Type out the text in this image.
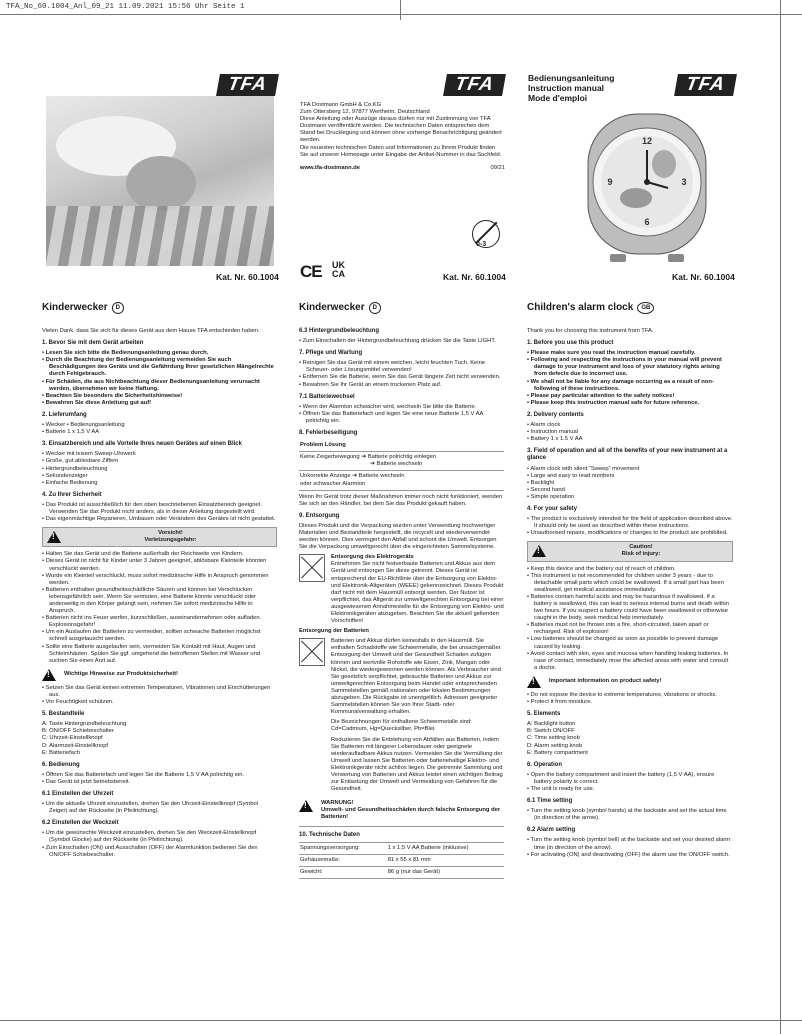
TFA_No_60.1004_Anl_09_21 11.09.2021 15:56 Uhr Seite 1
TFA
Kat. Nr. 60.1004
TFA
TFA Dostmann GmbH & Co.KG
Zum Ottersberg 12, 97877 Wertheim, Deutschland
Diese Anleitung oder Auszüge daraus dürfen nur mit Zustimmung von TFA Dostmann veröffentlicht werden. Die technischen Daten entsprechen dem Stand bei Drucklegung und können ohne vorherige Benachrichtigung geändert werden.
Die neuesten technischen Daten und Informationen zu Ihrem Produkt finden Sie auf unserer Homepage unter Eingabe der Artikel-Nummer in das Suchfeld.
www.tfa-dostmann.de	09/21
0-3
CE UK
CA	Kat. Nr. 60.1004
Bedienungsanleitung
Instruction manual
Mode d'emploi
TFA
12
3
6
9
Kat. Nr. 60.1004
Kinderwecker	D

Vielen Dank, dass Sie sich für dieses Gerät aus dem Hause TFA entschieden haben.

1. Bevor Sie mit dem Gerät arbeiten
• Lesen Sie sich bitte die Bedienungsanleitung genau durch.
• Durch die Beachtung der Bedienungsanleitung vermeiden Sie auch Beschädigungen des Geräts und die Gefährdung Ihrer gesetzlichen Mängelrechte durch Fehlgebrauch.
• Für Schäden, die aus Nichtbeachtung dieser Bedienungsanleitung verursacht werden, übernehmen wir keine Haftung.
• Beachten Sie besonders die Sicherheitshinweise!
• Bewahren Sie diese Anleitung gut auf!
2. Lieferumfang
• Wecker • Bedienungsanleitung
• Batterie 1 x 1,5 V AA
3. Einsatzbereich und alle Vorteile Ihres neuen Gerätes auf einen Blick
• Wecker mit leisem Sweep-Uhrwerk
• Große, gut ablesbare Ziffern
• Hintergrundbeleuchtung
• Sekundenzeiger
• Einfache Bedienung
4. Zu Ihrer Sicherheit
• Das Produkt ist ausschließlich für den oben beschriebenen Einsatzbereich geeignet. Verwenden Sie das Produkt nicht anders, als in dieser Anleitung dargestellt wird.
• Das eigenmächtige Reparieren, Umbauen oder Verändern des Gerätes ist nicht gestattet.
!
Vorsicht!
Verletzungsgefahr:
• Halten Sie das Gerät und die Batterie außerhalb der Reichweite von Kindern.
• Dieses Gerät ist nicht für Kinder unter 3 Jahren geeignet, ablösbare Kleinteile könnten verschluckt werden.
• Wurde ein Kleinteil verschluckt, muss sofort medizinische Hilfe in Anspruch genommen werden.
• Batterien enthalten gesundheitsschädliche Säuren und können bei Verschlucken lebensgefährlich sein. Wenn Sie vermuten, eine Batterie könnte verschluckt oder anderweitig in den Körper gelangt sein, nehmen Sie sofort medizinische Hilfe in Anspruch.
• Batterien nicht ins Feuer werfen, kurzschließen, auseinandernehmen oder aufladen. Explosionsgefahr!
• Um ein Auslaufen der Batterien zu vermeiden, sollten schwache Batterien möglichst schnell ausgetauscht werden.
• Sollte eine Batterie ausgelaufen sein, vermeiden Sie Kontakt mit Haut, Augen und Schleimhäuten. Spülen Sie ggf. umgehend die betroffenen Stellen mit Wasser und suchen Sie einen Arzt auf.
!
Wichtige Hinweise zur Produktsicherheit!
• Setzen Sie das Gerät keinen extremen Temperaturen, Vibrationen und Erschütterungen aus.
• Vor Feuchtigkeit schützen.
5. Bestandteile
A: Taste Hintergrundbeleuchtung
B: ON/OFF Schiebeschalter
C: Uhrzeit-Einstellknopf
D: Alarmzeit-Einstellknopf
E: Batteriefach
6. Bedienung
• Öffnen Sie das Batteriefach und legen Sie die Batterie 1,5 V AA polrichtig ein.
• Das Gerät ist jetzt betriebsbereit.
6.1 Einstellen der Uhrzeit
• Um die aktuelle Uhrzeit einzustellen, drehen Sie den Uhrzeit-Einstellknopf (Symbol Zeiger) auf der Rückseite (in Pfeilrichtung).
6.2 Einstellen der Weckzeit
• Um die gewünschte Weckzeit einzustellen, drehen Sie den Weckzeit-Einstellknopf (Symbol Glocke) auf der Rückseite (in Pfeilrichtung).
• Zum Einschalten (ON) und Ausschalten (OFF) der Alarmfunktion bedienen Sie den ON/OFF Schiebeschalter.
Kinderwecker	D
6.3 Hintergrundbeleuchtung
• Zum Einschalten der Hintergrundbeleuchtung drücken Sie die Taste LIGHT.
7. Pflege und Wartung
• Reinigen Sie das Gerät mit einem weichen, leicht feuchten Tuch. Keine Scheuer- oder Lösungsmittel verwenden!
• Entfernen Sie die Batterie, wenn Sie das Gerät längere Zeit nicht verwenden.
• Bewahren Sie Ihr Gerät an einem trockenen Platz auf.
7.1 Batteriewechsel
• Wenn der Alarmton schwächer wird, wechseln Sie bitte die Batterie.
• Öffnen Sie das Batteriefach und legen Sie eine neue Batterie 1,5 V AA polrichtig ein.
8. Fehlerbeseitigung
Problem Lösung

Keine Zeigerbewegung ➔ Batterie polrichtig einlegen
➔ Batterie wechseln

Unkorrekte Anzeige ➔ Batterie wechseln
oder schwacher Alarmton

Wenn Ihr Gerät trotz dieser Maßnahmen immer noch nicht funktioniert, wenden Sie sich an den Händler, bei dem Sie das Produkt gekauft haben.

9. Entsorgung

Dieses Produkt und die Verpackung wurden unter Verwendung hochwertiger Materialien und Bestandteile hergestellt, die recycelt und wiederverwendet werden können. Dies verringert den Abfall und schont die Umwelt. Entsorgen Sie die Verpackung umweltgerecht über die eingerichteten Sammelsysteme.

Entsorgung des Elektrogeräts
Entnehmen Sie nicht festverbaute Batterien und Akkus aus dem Gerät und entsorgen Sie diese getrennt. Dieses Gerät ist entsprechend der EU-Richtlinie über die Entsorgung von Elektro- und Elektronik-Altgeräten (WEEE) gekennzeichnet. Dieses Produkt darf nicht mit dem Hausmüll entsorgt werden. Der Nutzer ist verpflichtet, das Altgerät zur umweltgerechten Entsorgung bei einer ausgewiesenen Annahmestelle für die Entsorgung von Elektro- und Elektronikgeräten abzugeben. Beachten Sie die aktuell geltenden Vorschriften!
Entsorgung der Batterien

Batterien und Akkus dürfen keinesfalls in den Hausmüll. Sie enthalten Schadstoffe wie Schwermetalle, die bei unsachgemäßer Entsorgung der Umwelt und der Gesundheit Schaden zufügen können und wertvolle Rohstoffe wie Eisen, Zink, Mangan oder Nickel, die wiedergewonnen werden können. Als Verbraucher sind Sie gesetzlich verpflichtet, gebrauchte Batterien und Akkus zur umweltgerechten Entsorgung beim Handel oder entsprechenden Sammelstellen gemäß nationalen oder lokalen Bestimmungen abzugeben. Die Rückgabe ist unentgeltlich. Adressen geeigneter Sammelstellen können Sie von Ihrer Stadt- oder Kommunalverwaltung erhalten.

Die Bezeichnungen für enthaltene Schwermetalle sind: Cd=Cadmium, Hg=Quecksilber, Pb=Blei.

Reduzieren Sie die Entstehung von Abfällen aus Batterien, indem Sie Batterien mit längerer Lebensdauer oder geeignete wiederaufladbare Akkus nutzen. Vermeiden Sie die Vermüllung der Umwelt und lassen Sie Batterien oder batteriehaltige Elektro- und Elektronikgeräte nicht achtlos liegen. Die getrennte Sammlung und Verwertung von Batterien und Akkus leistet einen wichtigen Beitrag zur Entlastung der Umwelt und Vermeidung von Gefahren für die Gesundheit.

!
WARNUNG!
Umwelt- und Gesundheitsschäden durch falsche Entsorgung der Batterien!
10. Technische Daten
Spannungsversorgung:	1 x 1,5 V AA Batterie (inklusive)
Gehäusemaße:	81 x 55 x 81 mm
Gewicht:	86 g (nur das Gerät)
Children's alarm clock	GB

Thank you for choosing this instrument from TFA.

1. Before you use this product
• Please make sure you read the instruction manual carefully.
• Following and respecting the instructions in your manual will prevent damage to your instrument and loss of your statutory rights arising from defects due to incorrect use.
• We shall not be liable for any damage occurring as a result of non-following of these instructions.
• Please pay particular attention to the safety notices!
• Please keep this instruction manual safe for future reference.
2. Delivery contents
• Alarm clock
• Instruction manual
• Battery 1 x 1.5 V AA
3. Field of operation and all of the benefits of your new instrument at a glance
• Alarm clock with silent “Sweep” movement
• Large and easy to read numbers
• Backlight
• Second hand
• Simple operation
4. For your safety
• The product is exclusively intended for the field of application described above. It should only be used as described within these instructions.
• Unauthorised repairs, modifications or changes to the product are prohibited.
!
Caution!
Risk of injury:
• Keep this device and the battery out of reach of children.
• This instrument is not recommended for children under 3 years - due to detachable small parts which could be swallowed. If a small part has been swallowed, get medical assistance immediately.
• Batteries contain harmful acids and may be hazardous if swallowed. If a battery is swallowed, this can lead to serious internal burns and death within two hours. If you suspect a battery could have been swallowed or otherwise caught in the body, seek medical help immediately.
• Batteries must not be thrown into a fire, short-circuited, taken apart or recharged. Risk of explosion!
• Low batteries should be changed as soon as possible to prevent damage caused by leaking.
• Avoid contact with skin, eyes and mucosa when handling leaking batteries. In case of contact, immediately rinse the affected areas with water and consult a doctor.
!
Important information on product safety!
• Do not expose the device to extreme temperatures, vibrations or shocks.
• Protect it from moisture.
5. Elements
A: Backlight button
B: Switch ON/OFF
C: Time setting knob
D: Alarm setting knob
E: Battery compartment
6. Operation
• Open the battery compartment and insert the battery (1,5 V AA), ensure battery polarity is correct.
• The unit is ready for use.
6.1 Time setting
• Turn the setting knob (symbol hands) at the backside and set the actual time (in direction of the arrow).
6.2 Alarm setting
• Turn the setting knob (symbol bell) at the backside and set your desired alarm time (in direction of the arrow).
• For activating (ON) and deactivating (OFF) the alarm use the ON/OFF switch.
